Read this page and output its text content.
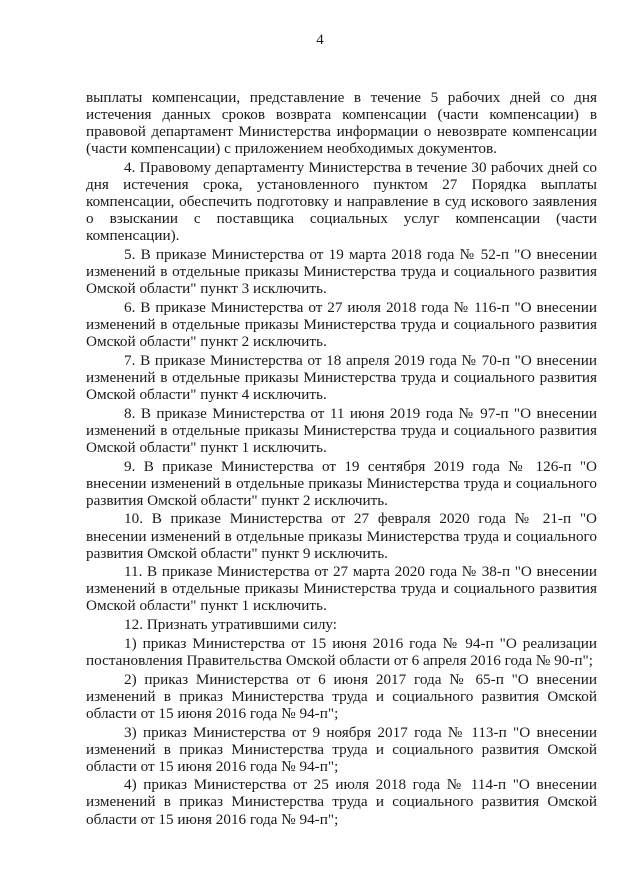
4

выплаты компенсации, представление в течение 5 рабочих дней со дня истечения данных сроков возврата компенсации (части компенсации) в правовой департамент Министерства информации о невозврате компенсации (части компенсации) с приложением необходимых документов.

4. Правовому департаменту Министерства в течение 30 рабочих дней со дня истечения срока, установленного пунктом 27 Порядка выплаты компенсации, обеспечить подготовку и направление в суд искового заявления о взыскании с поставщика социальных услуг компенсации (части компенсации).

5. В приказе Министерства от 19 марта 2018 года № 52-п "О внесении изменений в отдельные приказы Министерства труда и социального развития Омской области" пункт 3 исключить.

6. В приказе Министерства от 27 июля 2018 года № 116-п "О внесении изменений в отдельные приказы Министерства труда и социального развития Омской области" пункт 2 исключить.

7. В приказе Министерства от 18 апреля 2019 года № 70-п "О внесении изменений в отдельные приказы Министерства труда и социального развития Омской области" пункт 4 исключить.

8. В приказе Министерства от 11 июня 2019 года № 97-п "О внесении изменений в отдельные приказы Министерства труда и социального развития Омской области" пункт 1 исключить.

9. В приказе Министерства от 19 сентября 2019 года № 126-п "О внесении изменений в отдельные приказы Министерства труда и социального развития Омской области" пункт 2 исключить.

10. В приказе Министерства от 27 февраля 2020 года № 21-п "О внесении изменений в отдельные приказы Министерства труда и социального развития Омской области" пункт 9 исключить.

11. В приказе Министерства от 27 марта 2020 года № 38-п "О внесении изменений в отдельные приказы Министерства труда и социального развития Омской области" пункт 1 исключить.

12. Признать утратившими силу:

1) приказ Министерства от 15 июня 2016 года № 94-п "О реализации постановления Правительства Омской области от 6 апреля 2016 года № 90-п";

2) приказ Министерства от 6 июня 2017 года № 65-п "О внесении изменений в приказ Министерства труда и социального развития Омской области от 15 июня 2016 года № 94-п";

3) приказ Министерства от 9 ноября 2017 года № 113-п "О внесении изменений в приказ Министерства труда и социального развития Омской области от 15 июня 2016 года № 94-п";

4) приказ Министерства от 25 июля 2018 года № 114-п "О внесении изменений в приказ Министерства труда и социального развития Омской области от 15 июня 2016 года № 94-п";
